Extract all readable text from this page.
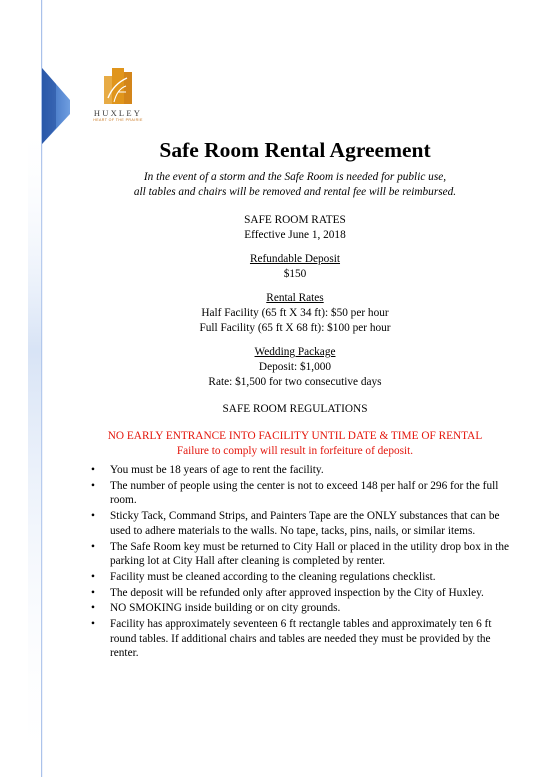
HUXLEY
HEART OF THE PRAIRIE
Safe Room Rental Agreement
In the event of a storm and the Safe Room is needed for public use,
all tables and chairs will be removed and rental fee will be reimbursed.
SAFE ROOM RATES
Effective June 1, 2018
Refundable Deposit
$150
Rental Rates
Half Facility (65 ft X 34 ft): $50 per hour
Full Facility (65 ft X 68 ft): $100 per hour
Wedding Package
Deposit: $1,000
Rate: $1,500 for two consecutive days
SAFE ROOM REGULATIONS
NO EARLY ENTRANCE INTO FACILITY UNTIL DATE & TIME OF RENTAL
Failure to comply will result in forfeiture of deposit.
• You must be 18 years of age to rent the facility.
• The number of people using the center is not to exceed 148 per half or 296 for the full room.
• Sticky Tack, Command Strips, and Painters Tape are the ONLY substances that can be used to adhere materials to the walls. No tape, tacks, pins, nails, or similar items.
• The Safe Room key must be returned to City Hall or placed in the utility drop box in the parking lot at City Hall after cleaning is completed by renter.
• Facility must be cleaned according to the cleaning regulations checklist.
• The deposit will be refunded only after approved inspection by the City of Huxley.
• NO SMOKING inside building or on city grounds.
• Facility has approximately seventeen 6 ft rectangle tables and approximately ten 6 ft round tables. If additional chairs and tables are needed they must be provided by the renter.
